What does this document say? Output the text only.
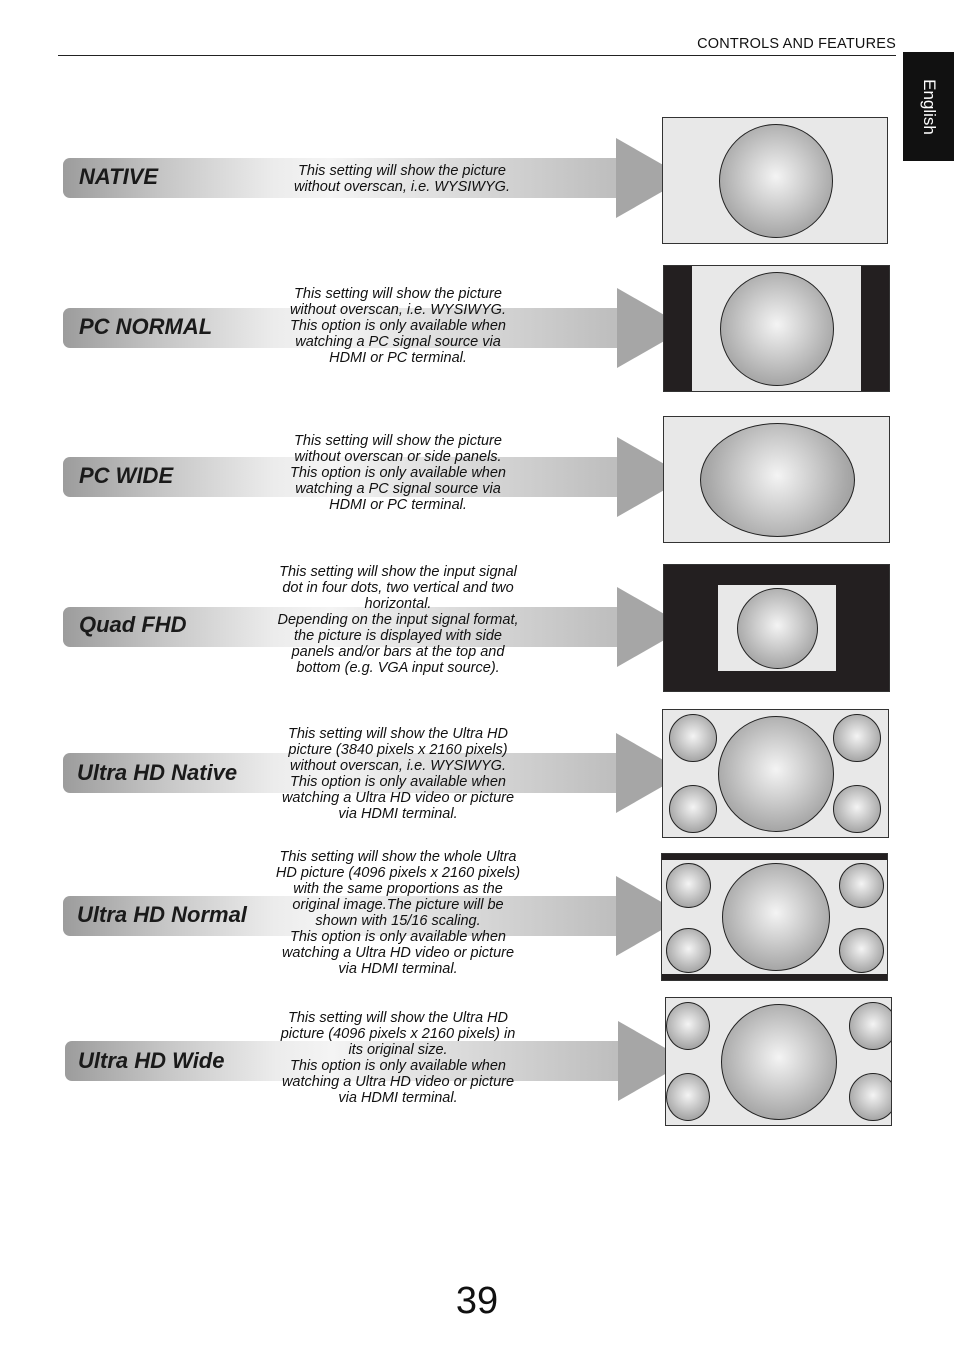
CONTROLS AND FEATURES
English
NATIVE	This setting will show the picture
without overscan, i.e. WYSIWYG.
PC NORMAL
This setting will show the picture
without overscan, i.e. WYSIWYG.
This option is only available when
watching a PC signal source via
HDMI or PC terminal.
PC WIDE
This setting will show the picture
without overscan or side panels.
This option is only available when
watching a PC signal source via
HDMI or PC terminal.
Quad FHD
This setting will show the input signal
dot in four dots, two vertical and two
horizontal.
Depending on the input signal format,
the picture is displayed with side
panels and/or bars at the top and
bottom (e.g. VGA input source).
Ultra HD Native
This setting will show the Ultra HD
picture (3840 pixels x 2160 pixels)
without overscan, i.e. WYSIWYG.
This option is only available when
watching a Ultra HD video or picture
via HDMI terminal.
Ultra HD Normal
This setting will show the whole Ultra
HD picture (4096 pixels x 2160 pixels)
with the same proportions as the
original image.The picture will be
shown with 15/16 scaling.
This option is only available when
watching a Ultra HD video or picture
via HDMI terminal.
Ultra HD Wide
This setting will show the Ultra HD
picture (4096 pixels x 2160 pixels) in
its original size.
This option is only available when
watching a Ultra HD video or picture
via HDMI terminal.
39
